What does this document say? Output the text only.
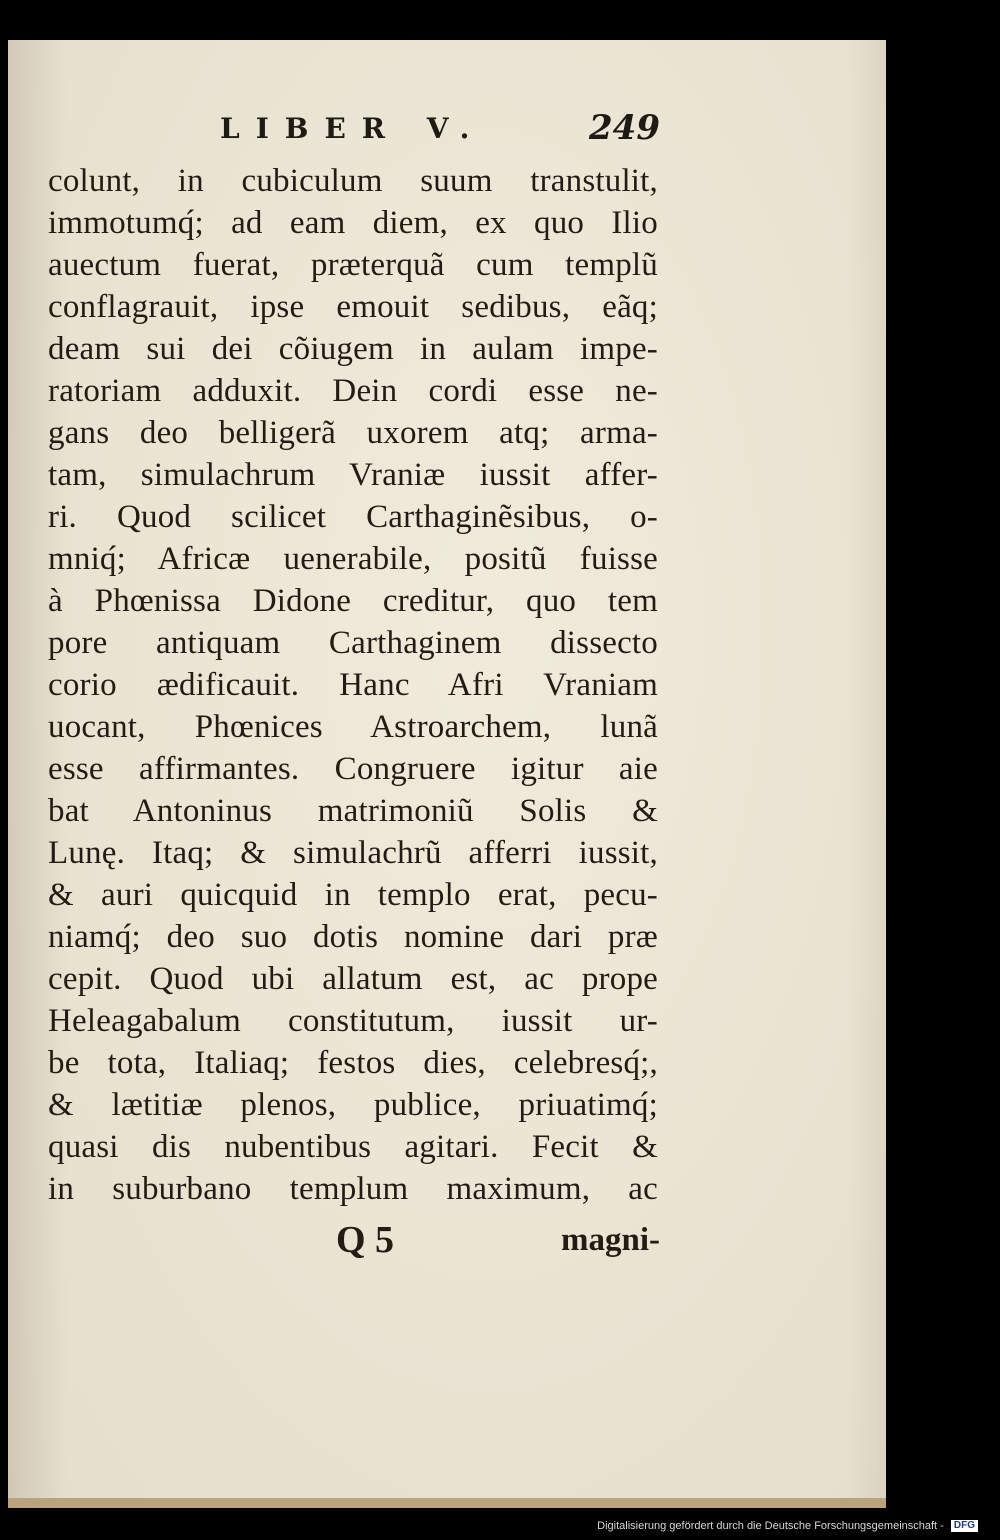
LIBER V.	249
colunt, in cubiculum suum transtulit,
immotumq́; ad eam diem, ex quo Ilio
auectum fuerat, præterquã cum templũ
conflagrauit, ipse emouit sedibus, eãq;
deam sui dei cõiugem in aulam impe-
ratoriam adduxit. Dein cordi esse ne-
gans deo belligerã uxorem atq; arma-
tam, simulachrum Vraniæ iussit affer-
ri. Quod scilicet Carthaginẽsibus, o-
mniq́; Africæ uenerabile, positũ fuisse
à Phœnissa Didone creditur, quo tem
pore antiquam Carthaginem dissecto
corio ædificauit. Hanc Afri Vraniam
uocant, Phœnices Astroarchem, lunã
esse affirmantes. Congruere igitur aie
bat Antoninus matrimoniũ Solis &
Lunę. Itaq; & simulachrũ afferri iussit,
& auri quicquid in templo erat, pecu-
niamq́; deo suo dotis nomine dari præ
cepit. Quod ubi allatum est, ac prope
Heleagabalum constitutum, iussit ur-
be tota, Italiaq; festos dies, celebresq́;,
& lætitiæ plenos, publice, priuatimq́;
quasi dis nubentibus agitari. Fecit &
in suburbano templum maximum, ac
Q 5	magni-
Digitalisierung gefördert durch die Deutsche Forschungsgemeinschaft - DFG
